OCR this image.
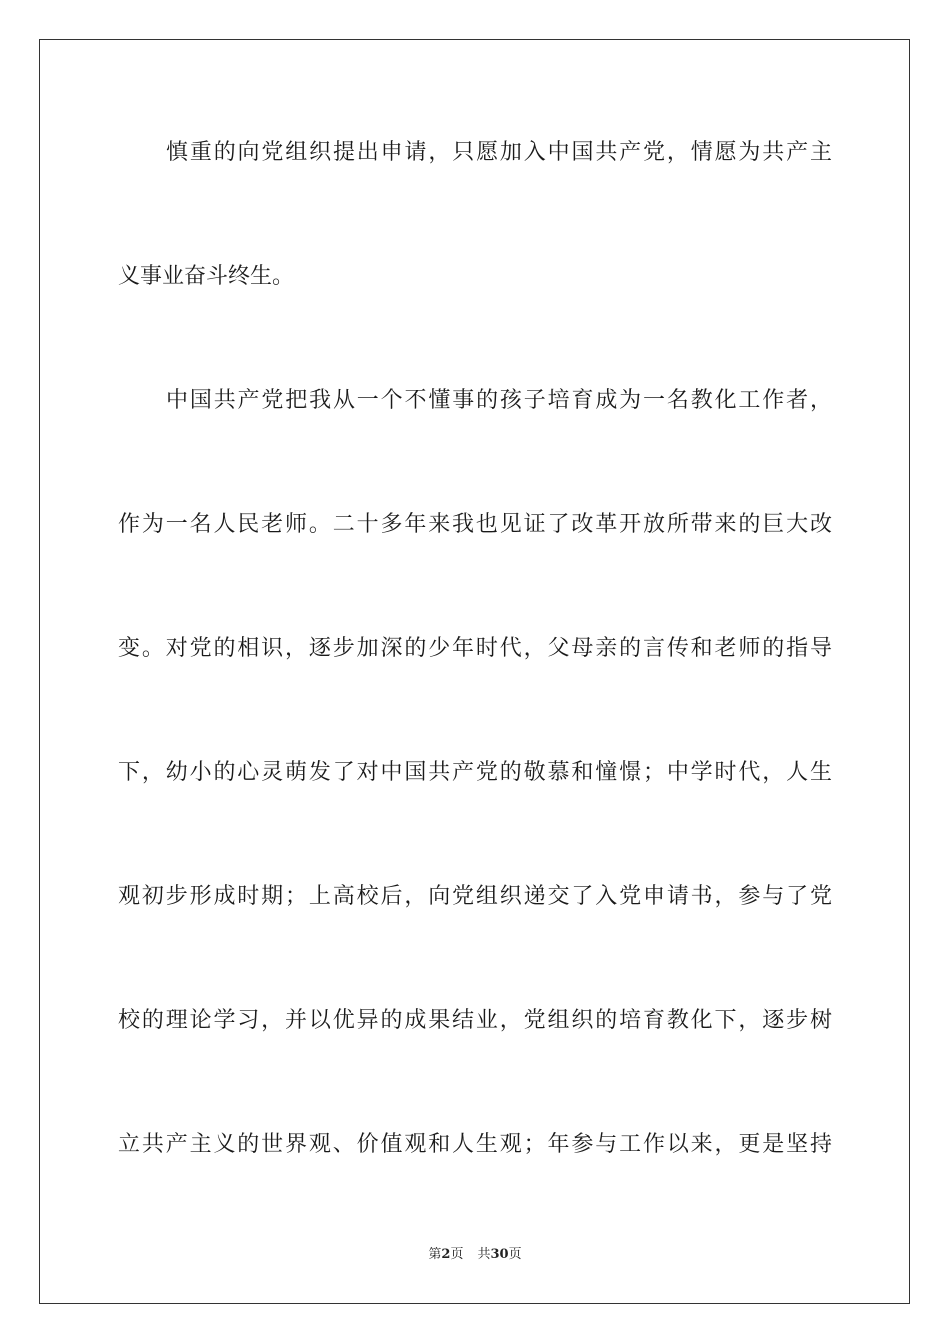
慎重的向党组织提出申请，只愿加入中国共产党，情愿为共产主
义事业奋斗终生。
中国共产党把我从一个不懂事的孩子培育成为一名教化工作者，
作为一名人民老师。二十多年来我也见证了改革开放所带来的巨大改
变。对党的相识，逐步加深的少年时代，父母亲的言传和老师的指导
下，幼小的心灵萌发了对中国共产党的敬慕和憧憬；中学时代，人生
观初步形成时期；上高校后，向党组织递交了入党申请书，参与了党
校的理论学习，并以优异的成果结业，党组织的培育教化下，逐步树
立共产主义的世界观、价值观和人生观；年参与工作以来，更是坚持
第2页 共30页
